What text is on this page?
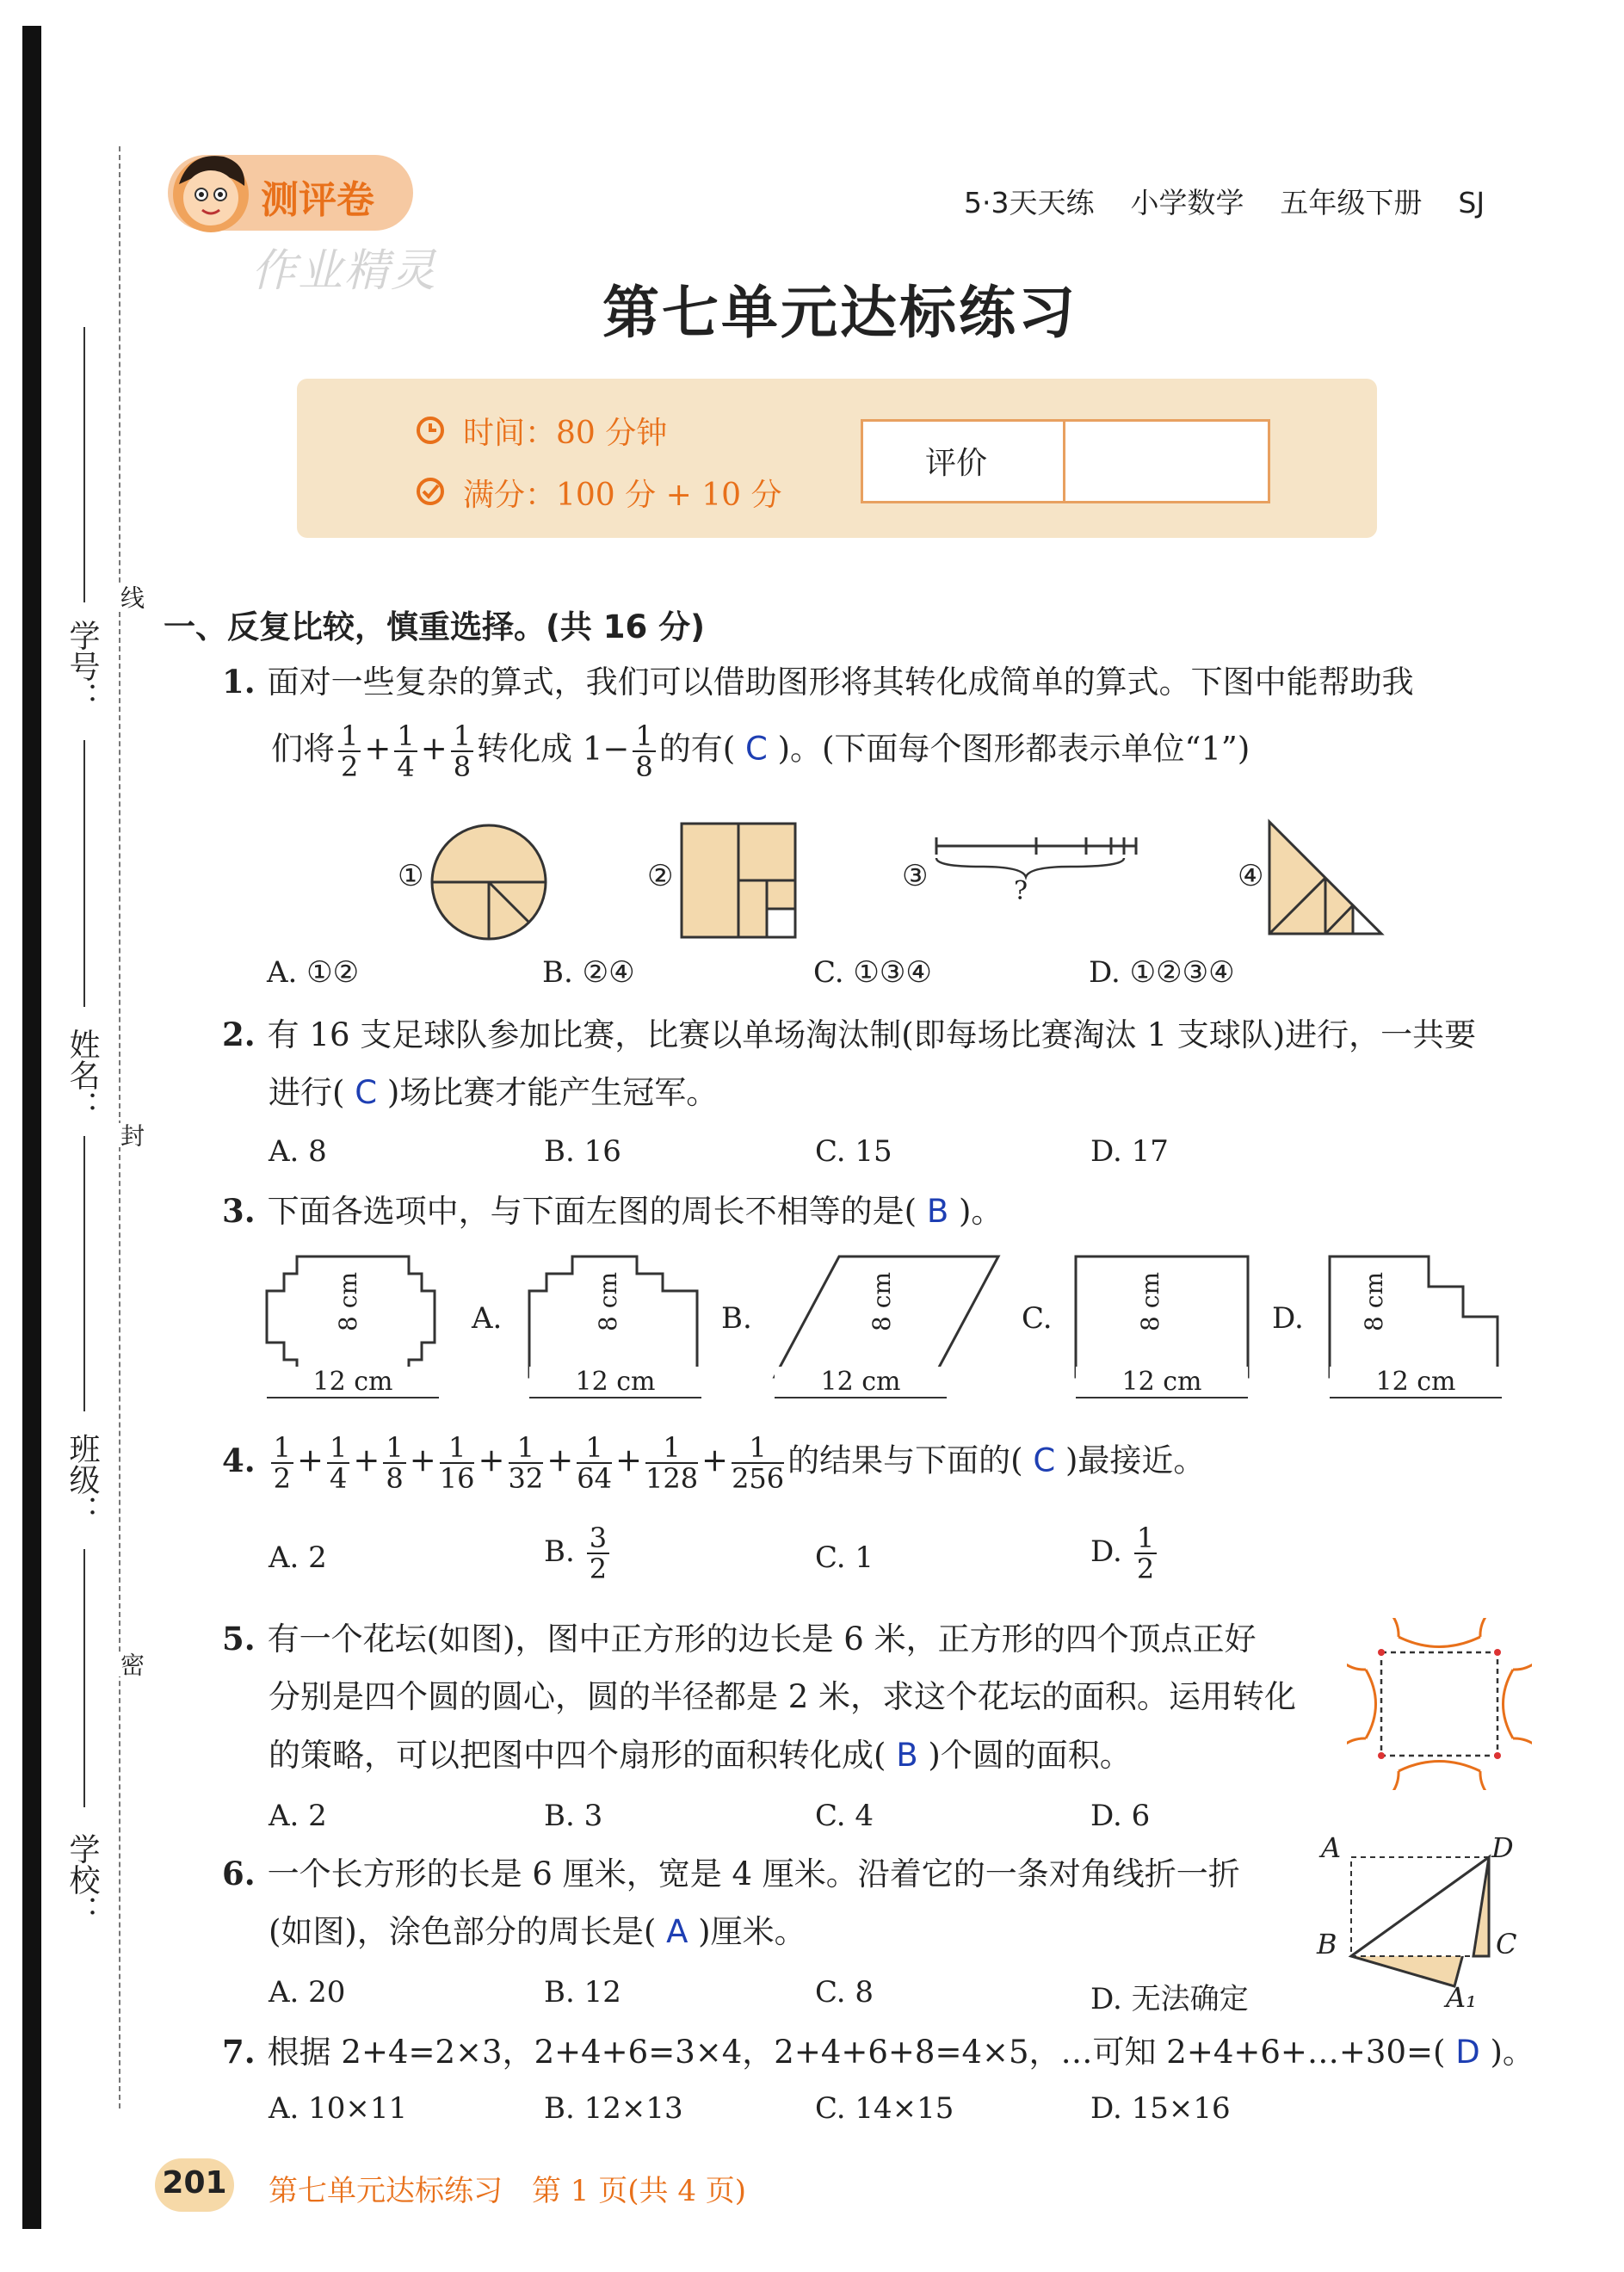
学号：
姓名：
班级：
学校：
线
封
密
测评卷
作业精灵
5·3天天练 小学数学 五年级下册 SJ
第七单元达标练习
时间：80 分钟
满分：100 分 + 10 分
评价
一、反复比较，慎重选择。(共 16 分)
1. 面对一些复杂的算式，我们可以借助图形将其转化成简单的算式。下图中能帮助我
们将 $\frac{1}{2} + \frac{1}{4} + \frac{1}{8}$ 转化成 $1- \frac{1}{8}$ 的有( C )。(下面每个图形都表示单位“1”)
①	②	③	?	④
A. ①②	B. ②④	C. ①③④	D. ①②③④
2. 有 16 支足球队参加比赛，比赛以单场淘汰制(即每场比赛淘汰 1 支球队)进行，一共要
进行( C )场比赛才能产生冠军。
A. 8	B. 16	C. 15	D. 17
3. 下面各选项中，与下面左图的周长不相等的是( B )。
8 cm	8 cm	8 cm	8 cm	8 cm
A.	B.	C.	D.
12 cm	12 cm	12 cm	12 cm	12 cm
4. $\frac{1}{2} + \frac{1}{4} + \frac{1}{8} + \frac{1}{16} + \frac{1}{32} + \frac{1}{64} + \frac{1}{128} + \frac{1}{256}$ 的结果与下面的( C )最接近。
A. 2	B. $\frac{3}{2}$	C. 1	D. $\frac{1}{2}$
5. 有一个花坛(如图)，图中正方形的边长是 6 米，正方形的四个顶点正好
分别是四个圆的圆心，圆的半径都是 2 米，求这个花坛的面积。运用转化
的策略，可以把图中四个扇形的面积转化成( B )个圆的面积。
A. 2	B. 3	C. 4	D. 6
6. 一个长方形的长是 6 厘米，宽是 4 厘米。沿着它的一条对角线折一折
(如图)，涂色部分的周长是( A )厘米。
A	D
B	C
A₁
A. 20	B. 12	C. 8	D. 无法确定
7. 根据 2+4=2×3，2+4+6=3×4，2+4+6+8=4×5，…可知 2+4+6+…+30=( D )。
A. 10×11	B. 12×13	C. 14×15	D. 15×16
201 第七单元达标练习　第 1 页(共 4 页)
